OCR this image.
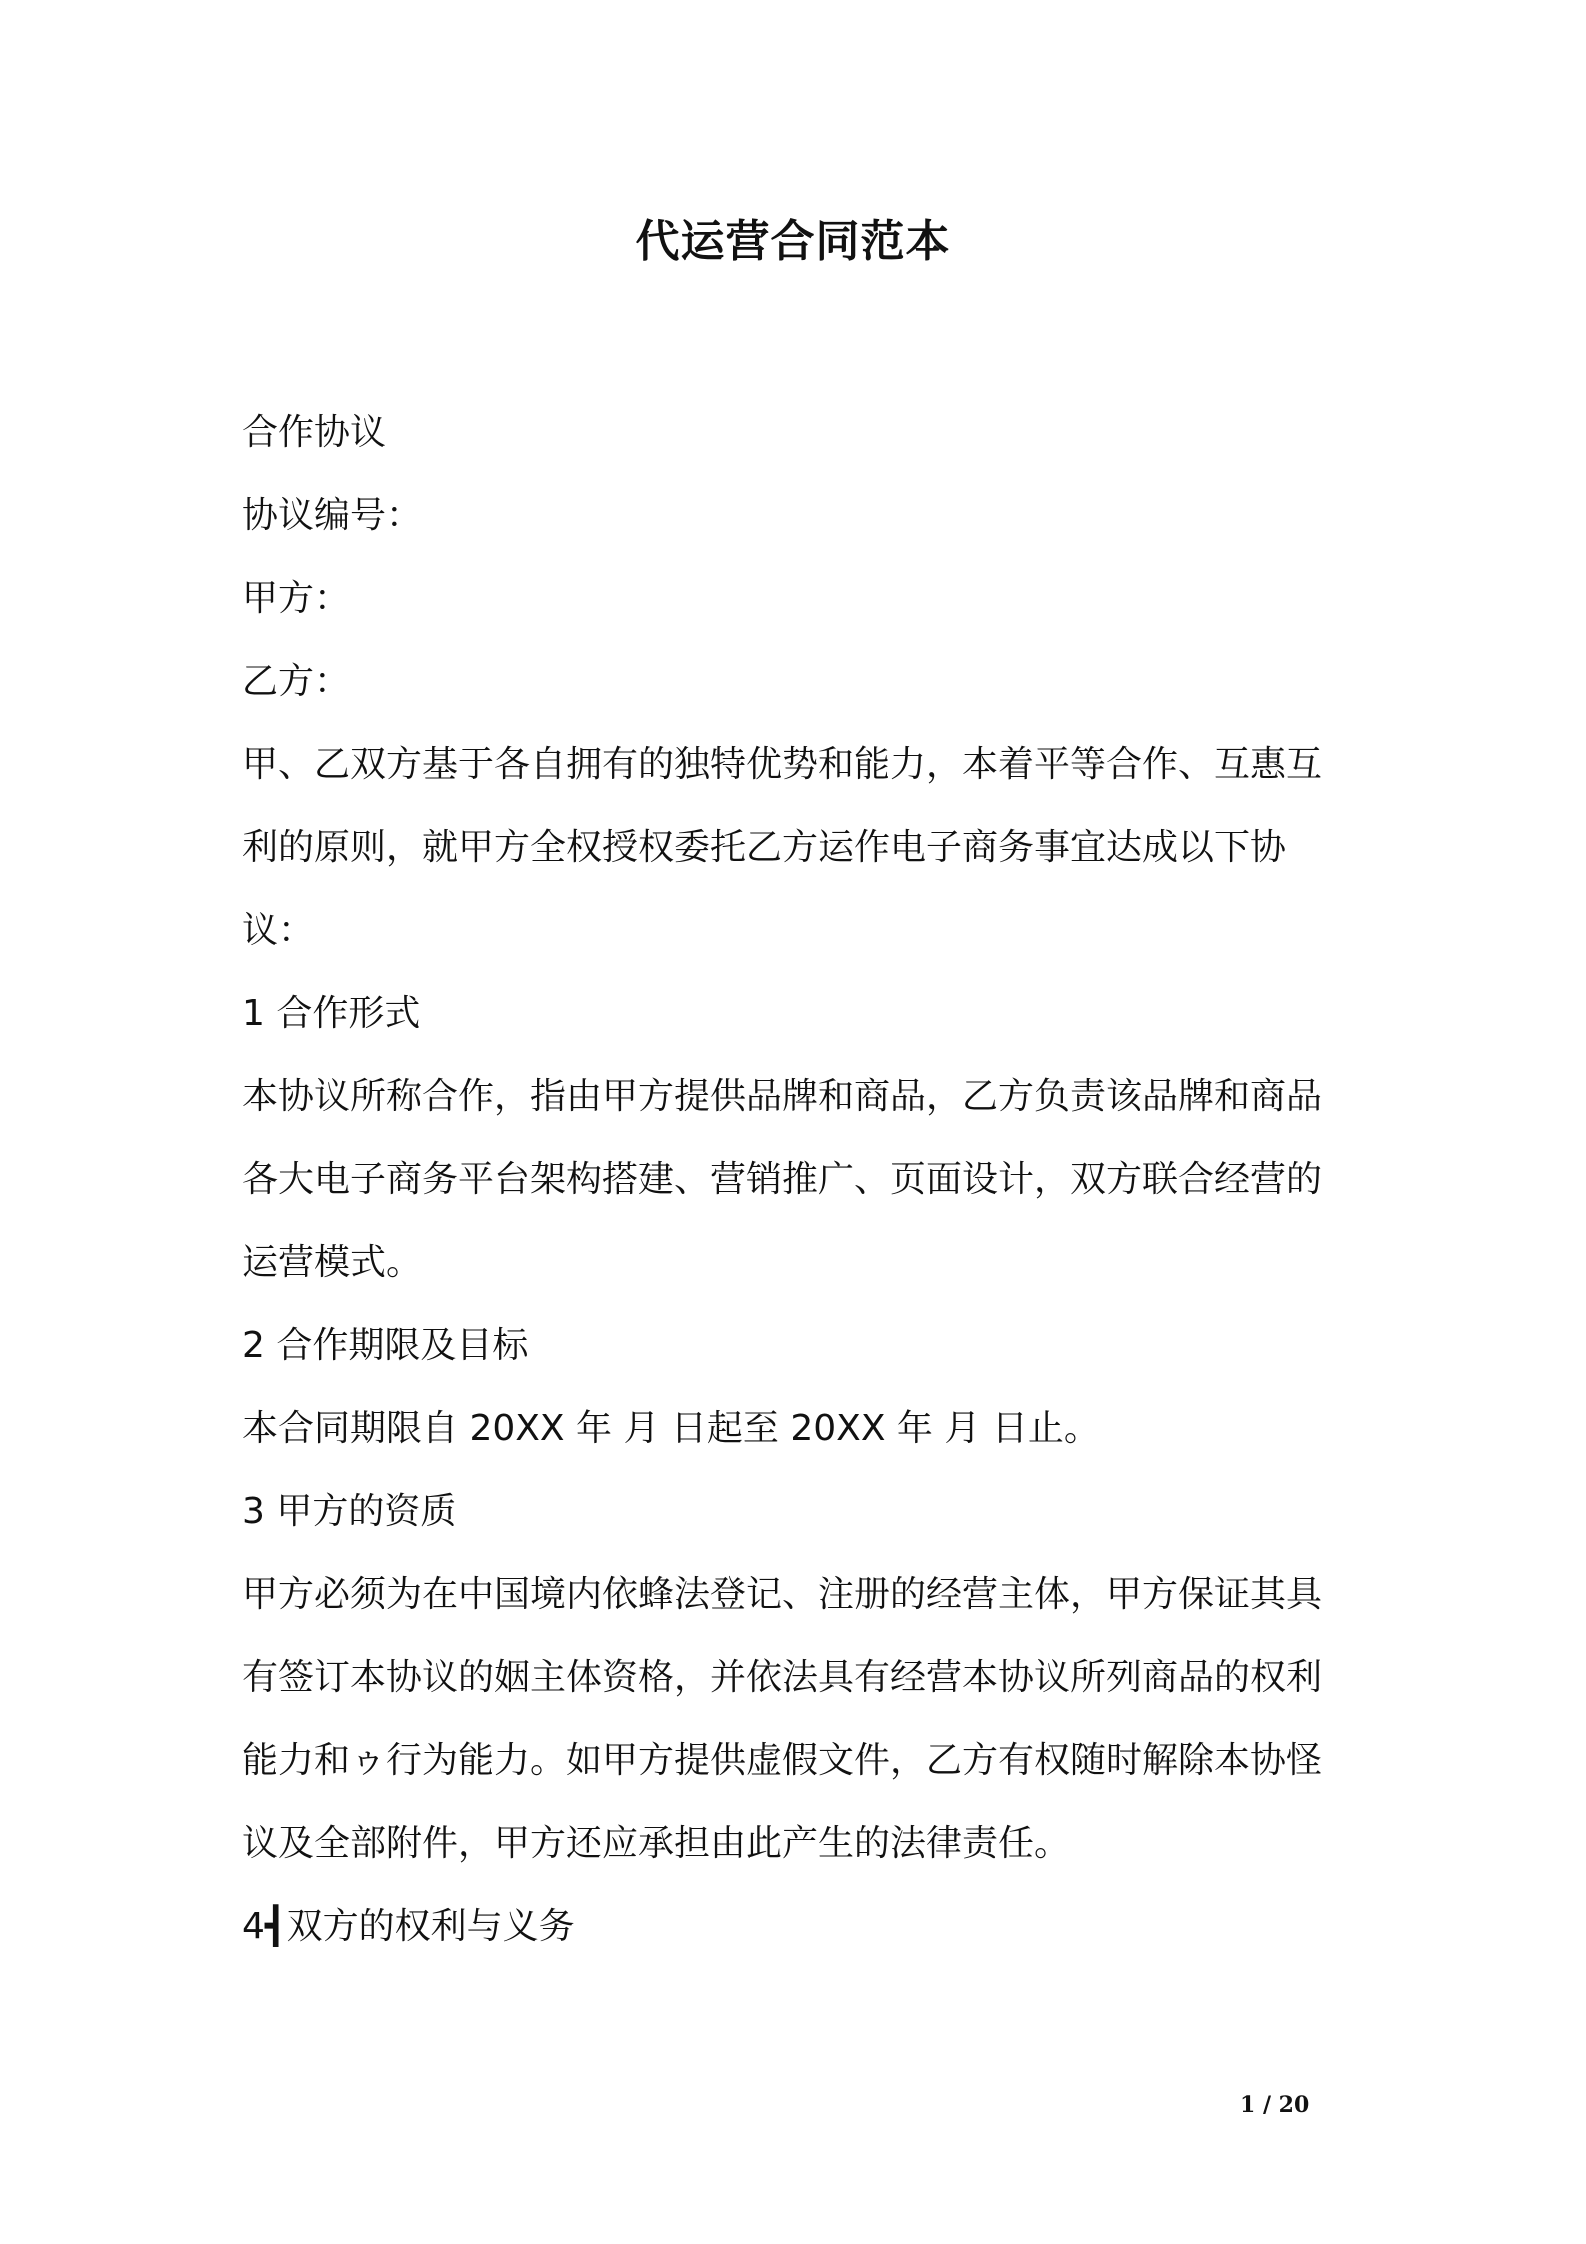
代运营合同范本
合作协议
协议编号：
甲方：
乙方：
甲、乙双方基于各自拥有的独特优势和能力，本着平等合作、互惠互
利的原则，就甲方全权授权委托乙方运作电子商务事宜达成以下协
议：
1 合作形式
本协议所称合作，指由甲方提供品牌和商品，乙方负责该品牌和商品
各大电子商务平台架构搭建、营销推广、页面设计，双方联合经营的
运营模式。
2 合作期限及目标
本合同期限自 20XX 年 月 日起至 20XX 年 月 日止。
3 甲方的资质
甲方必须为在中国境内依蜂法登记、注册的经营主体，甲方保证其具
有签订本协议的姻主体资格，并依法具有经营本协议所列商品的权利
能力和ゥ行为能力。如甲方提供虚假文件，乙方有权随时解除本协怪
议及全部附件，甲方还应承担由此产生的法律责任。
4┫双方的权利与义务
1 / 20
